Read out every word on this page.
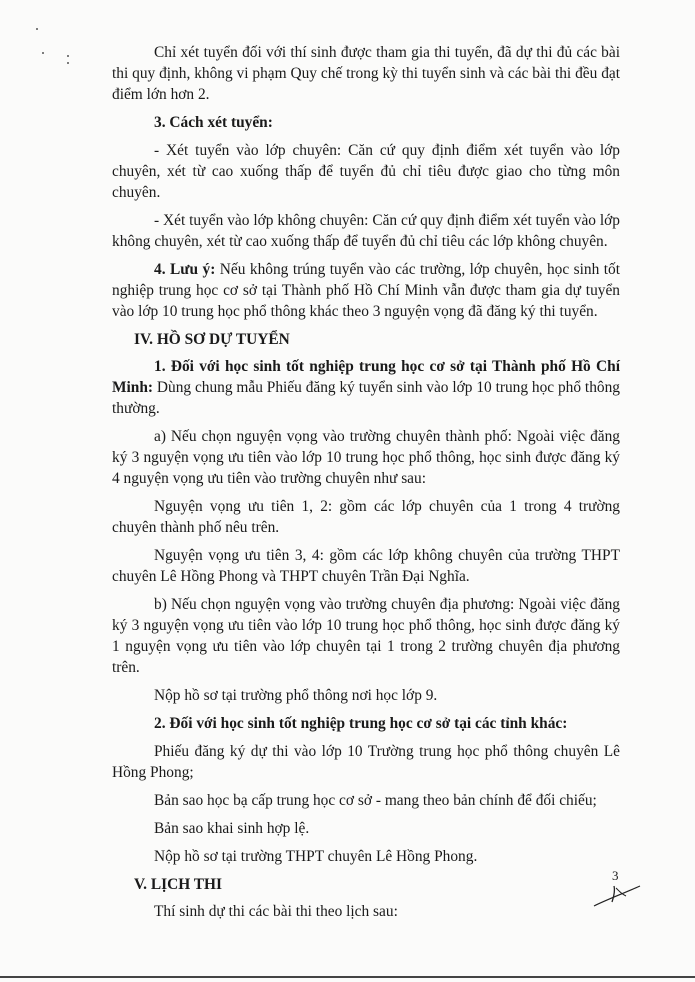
Chỉ xét tuyển đối với thí sinh được tham gia thi tuyển, đã dự thi đủ các bài thi quy định, không vi phạm Quy chế trong kỳ thi tuyển sinh và các bài thi đều đạt điểm lớn hơn 2.

3. Cách xét tuyển:

- Xét tuyển vào lớp chuyên: Căn cứ quy định điểm xét tuyển vào lớp chuyên, xét từ cao xuống thấp để tuyển đủ chỉ tiêu được giao cho từng môn chuyên.

- Xét tuyển vào lớp không chuyên: Căn cứ quy định điểm xét tuyển vào lớp không chuyên, xét từ cao xuống thấp để tuyển đủ chỉ tiêu các lớp không chuyên.

4. Lưu ý: Nếu không trúng tuyển vào các trường, lớp chuyên, học sinh tốt nghiệp trung học cơ sở tại Thành phố Hồ Chí Minh vẫn được tham gia dự tuyển vào lớp 10 trung học phổ thông khác theo 3 nguyện vọng đã đăng ký thi tuyển.

IV. HỒ SƠ DỰ TUYỂN

1. Đối với học sinh tốt nghiệp trung học cơ sở tại Thành phố Hồ Chí Minh: Dùng chung mẫu Phiếu đăng ký tuyển sinh vào lớp 10 trung học phổ thông thường.

a) Nếu chọn nguyện vọng vào trường chuyên thành phố: Ngoài việc đăng ký 3 nguyện vọng ưu tiên vào lớp 10 trung học phổ thông, học sinh được đăng ký 4 nguyện vọng ưu tiên vào trường chuyên như sau:

Nguyện vọng ưu tiên 1, 2: gồm các lớp chuyên của 1 trong 4 trường chuyên thành phố nêu trên.

Nguyện vọng ưu tiên 3, 4: gồm các lớp không chuyên của trường THPT chuyên Lê Hồng Phong và THPT chuyên Trần Đại Nghĩa.

b) Nếu chọn nguyện vọng vào trường chuyên địa phương: Ngoài việc đăng ký 3 nguyện vọng ưu tiên vào lớp 10 trung học phổ thông, học sinh được đăng ký 1 nguyện vọng ưu tiên vào lớp chuyên tại 1 trong 2 trường chuyên địa phương trên.

Nộp hồ sơ tại trường phổ thông nơi học lớp 9.

2. Đối với học sinh tốt nghiệp trung học cơ sở tại các tỉnh khác:

Phiếu đăng ký dự thi vào lớp 10 Trường trung học phổ thông chuyên Lê Hồng Phong;

Bản sao học bạ cấp trung học cơ sở - mang theo bản chính để đối chiếu;

Bản sao khai sinh hợp lệ.

Nộp hồ sơ tại trường THPT chuyên Lê Hồng Phong.

V. LỊCH THI

Thí sinh dự thi các bài thi theo lịch sau:

3
